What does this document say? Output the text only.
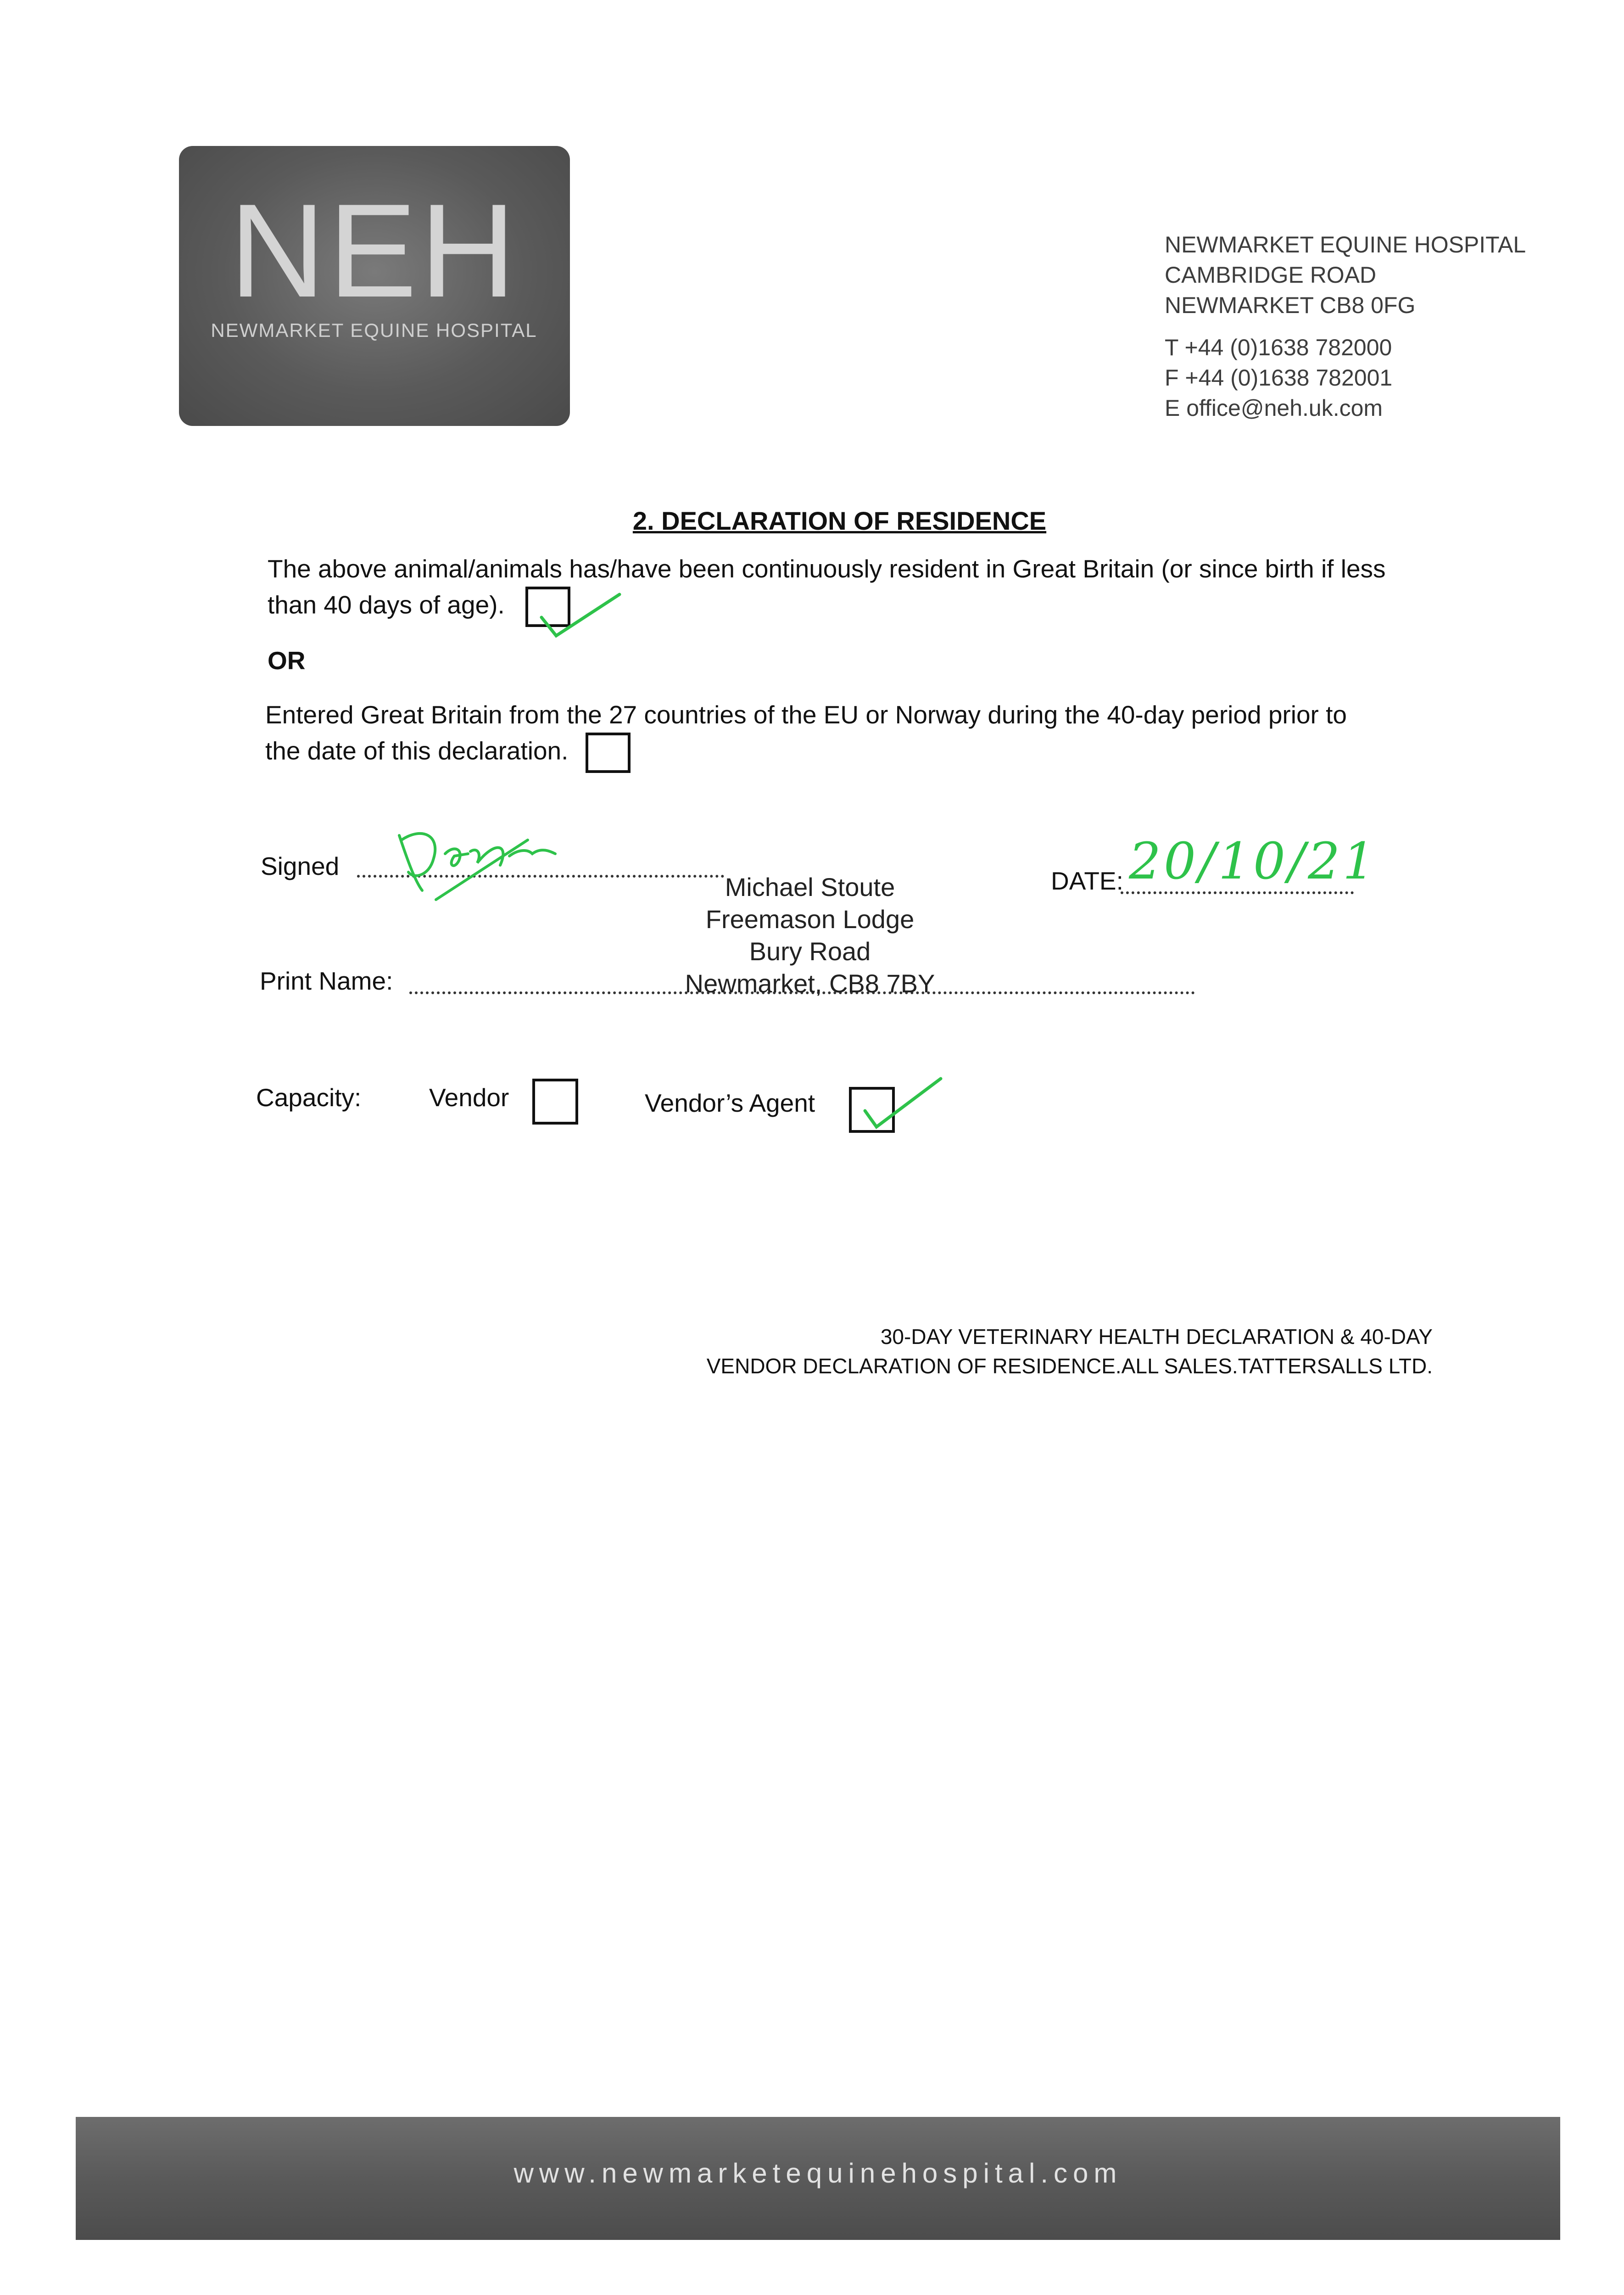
NEH
NEWMARKET EQUINE HOSPITAL
NEWMARKET EQUINE HOSPITAL
CAMBRIDGE ROAD
NEWMARKET CB8 0FG
T +44 (0)1638 782000
F +44 (0)1638 782001
E office@neh.uk.com
2. DECLARATION OF RESIDENCE
The above animal/animals has/have been continuously resident in Great Britain (or since birth if less
than 40 days of age).
OR
Entered Great Britain from the 27 countries of the EU or Norway during the 40-day period prior to
the date of this declaration.
Signed
DATE: 20/10/21
Print Name:
Michael Stoute
Freemason Lodge
Bury Road
Newmarket, CB8 7BY
Capacity:	Vendor	Vendor’s Agent
30-DAY VETERINARY HEALTH DECLARATION & 40-DAY
VENDOR DECLARATION OF RESIDENCE.ALL SALES.TATTERSALLS LTD.
www.newmarketequinehospital.com
